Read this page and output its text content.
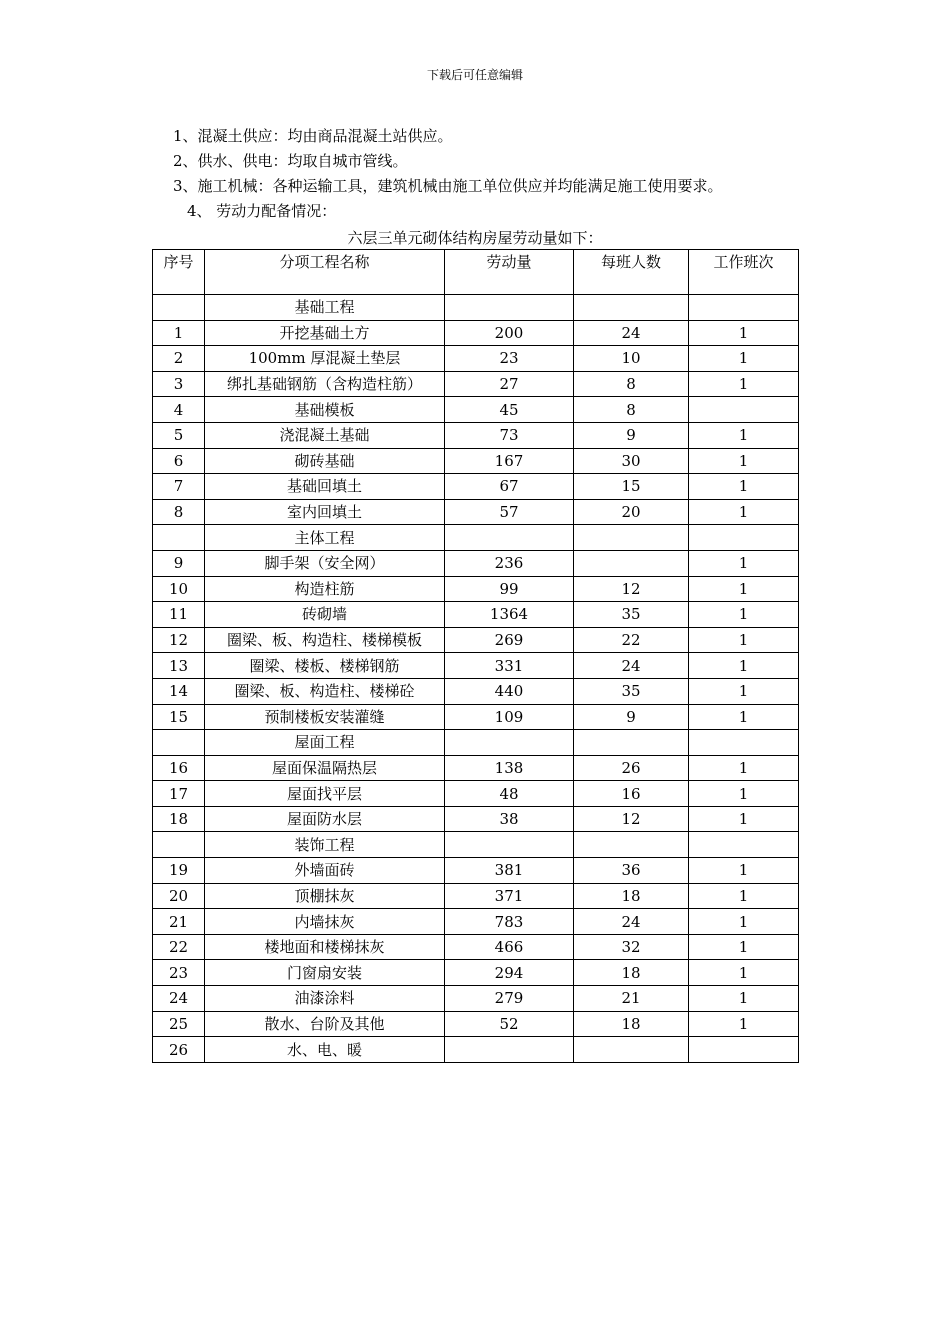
下载后可任意编辑
1、混凝土供应：均由商品混凝土站供应。
2、供水、供电：均取自城市管线。
3、施工机械：各种运输工具，建筑机械由施工单位供应并均能满足施工使用要求。
4、 劳动力配备情况：
六层三单元砌体结构房屋劳动量如下：
序号	分项工程名称	劳动量	每班人数	工作班次
	基础工程			
1	开挖基础土方	200	24	1
2	100mm 厚混凝土垫层	23	10	1
3	绑扎基础钢筋（含构造柱筋）	27	8	1
4	基础模板	45	8	
5	浇混凝土基础	73	9	1
6	砌砖基础	167	30	1
7	基础回填土	67	15	1
8	室内回填土	57	20	1
	主体工程			
9	脚手架（安全网）	236		1
10	构造柱筋	99	12	1
11	砖砌墙	1364	35	1
12	圈梁、板、构造柱、楼梯模板	269	22	1
13	圈梁、楼板、楼梯钢筋	331	24	1
14	圈梁、板、构造柱、楼梯砼	440	35	1
15	预制楼板安装灌缝	109	9	1
	屋面工程			
16	屋面保温隔热层	138	26	1
17	屋面找平层	48	16	1
18	屋面防水层	38	12	1
	装饰工程			
19	外墙面砖	381	36	1
20	顶棚抹灰	371	18	1
21	内墙抹灰	783	24	1
22	楼地面和楼梯抹灰	466	32	1
23	门窗扇安装	294	18	1
24	油漆涂料	279	21	1
25	散水、台阶及其他	52	18	1
26	水、电、暖			
